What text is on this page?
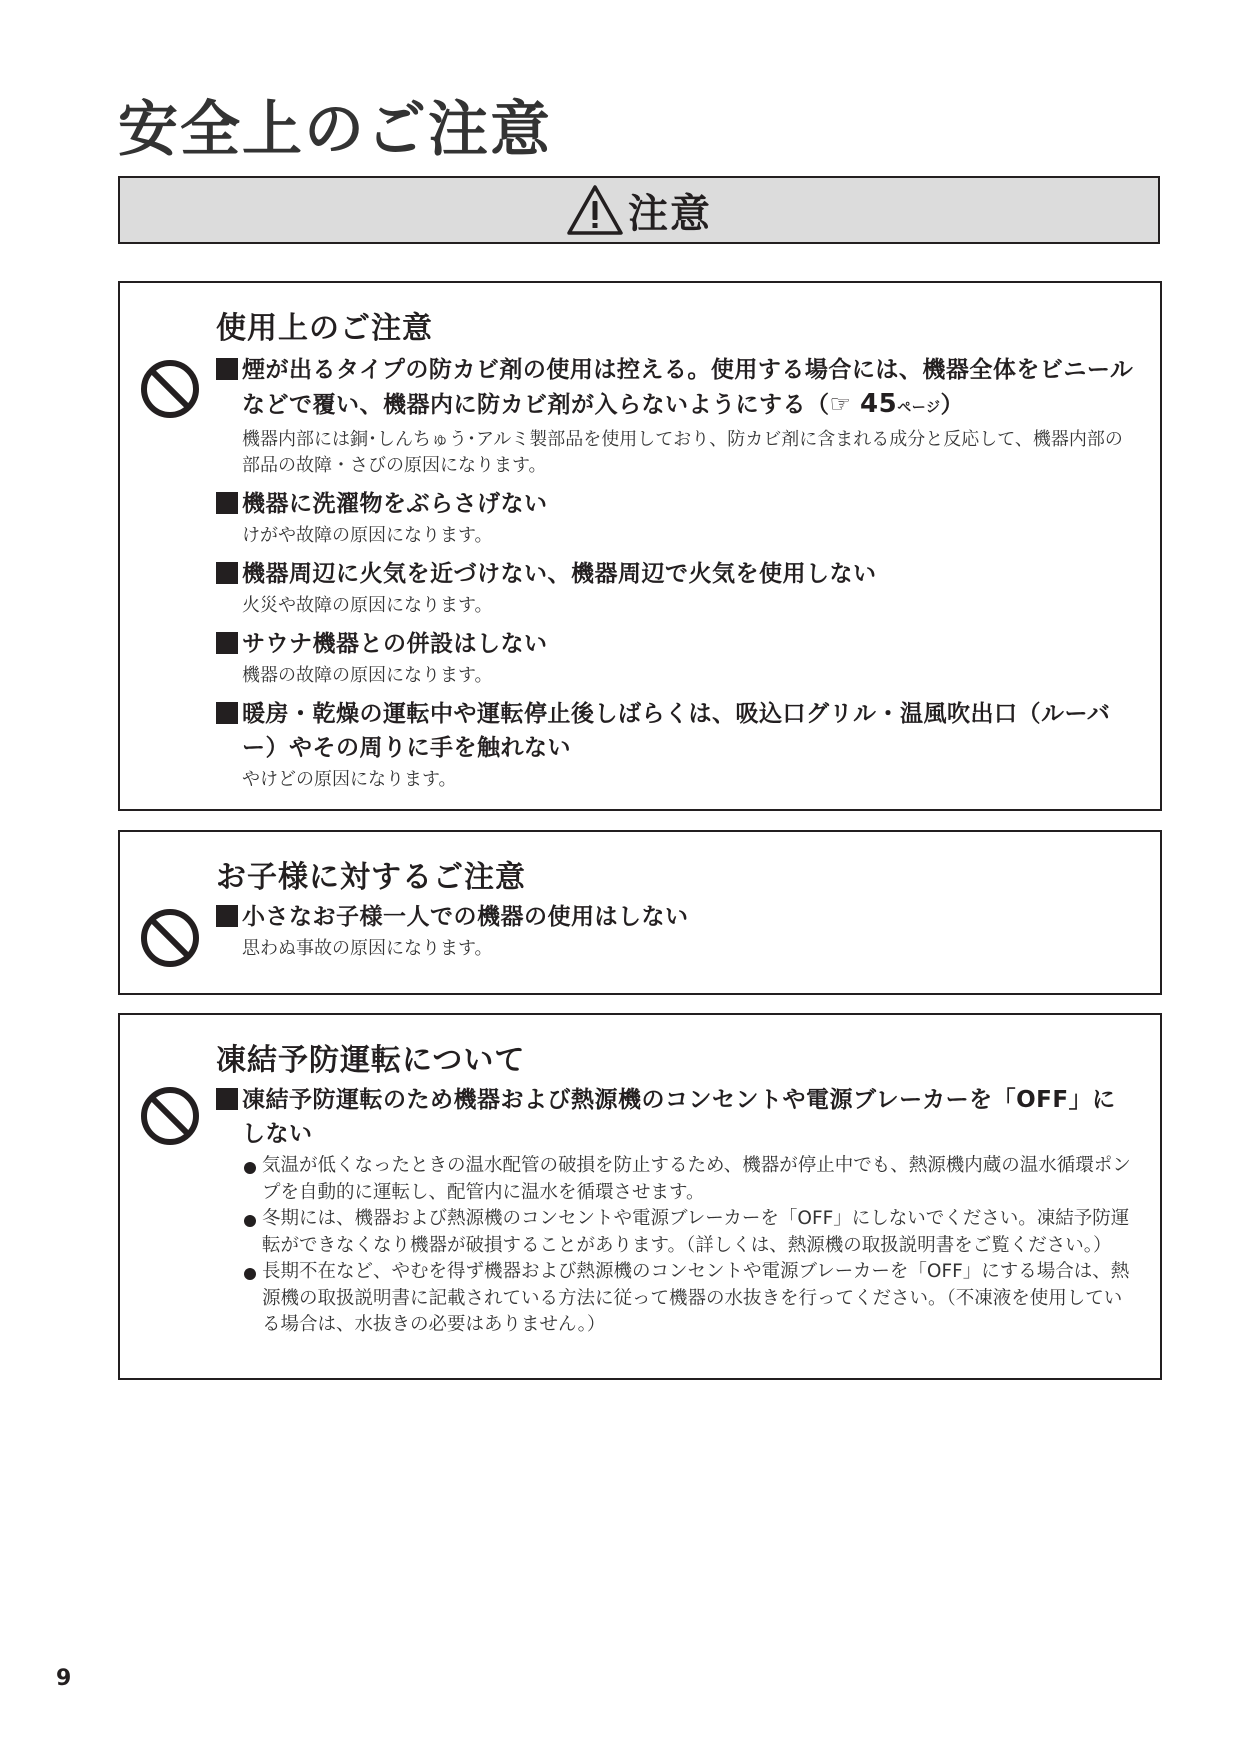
安全上のご注意
注意
使用上のご注意
煙が出るタイプの防カビ剤の使用は控える。使用する場合には、機器全体をビニールなどで覆い、機器内に防カビ剤が入らないようにする（☞ 45ページ）
機器内部には銅･しんちゅう･アルミ製部品を使用しており、防カビ剤に含まれる成分と反応して、機器内部の部品の故障・さびの原因になります。
機器に洗濯物をぶらさげない
けがや故障の原因になります。
機器周辺に火気を近づけない、機器周辺で火気を使用しない
火災や故障の原因になります。
サウナ機器との併設はしない
機器の故障の原因になります。
暖房・乾燥の運転中や運転停止後しばらくは、吸込口グリル・温風吹出口（ルーバー）やその周りに手を触れない
やけどの原因になります。
お子様に対するご注意
小さなお子様一人での機器の使用はしない
思わぬ事故の原因になります。
凍結予防運転について
凍結予防運転のため機器および熱源機のコンセントや電源ブレーカーを「OFF」にしない
気温が低くなったときの温水配管の破損を防止するため、機器が停止中でも、熱源機内蔵の温水循環ポンプを自動的に運転し、配管内に温水を循環させます。
冬期には、機器および熱源機のコンセントや電源ブレーカーを「OFF」にしないでください。凍結予防運転ができなくなり機器が破損することがあります。（詳しくは、熱源機の取扱説明書をご覧ください。）
長期不在など、やむを得ず機器および熱源機のコンセントや電源ブレーカーを「OFF」にする場合は、熱源機の取扱説明書に記載されている方法に従って機器の水抜きを行ってください。（不凍液を使用している場合は、水抜きの必要はありません。）
9
